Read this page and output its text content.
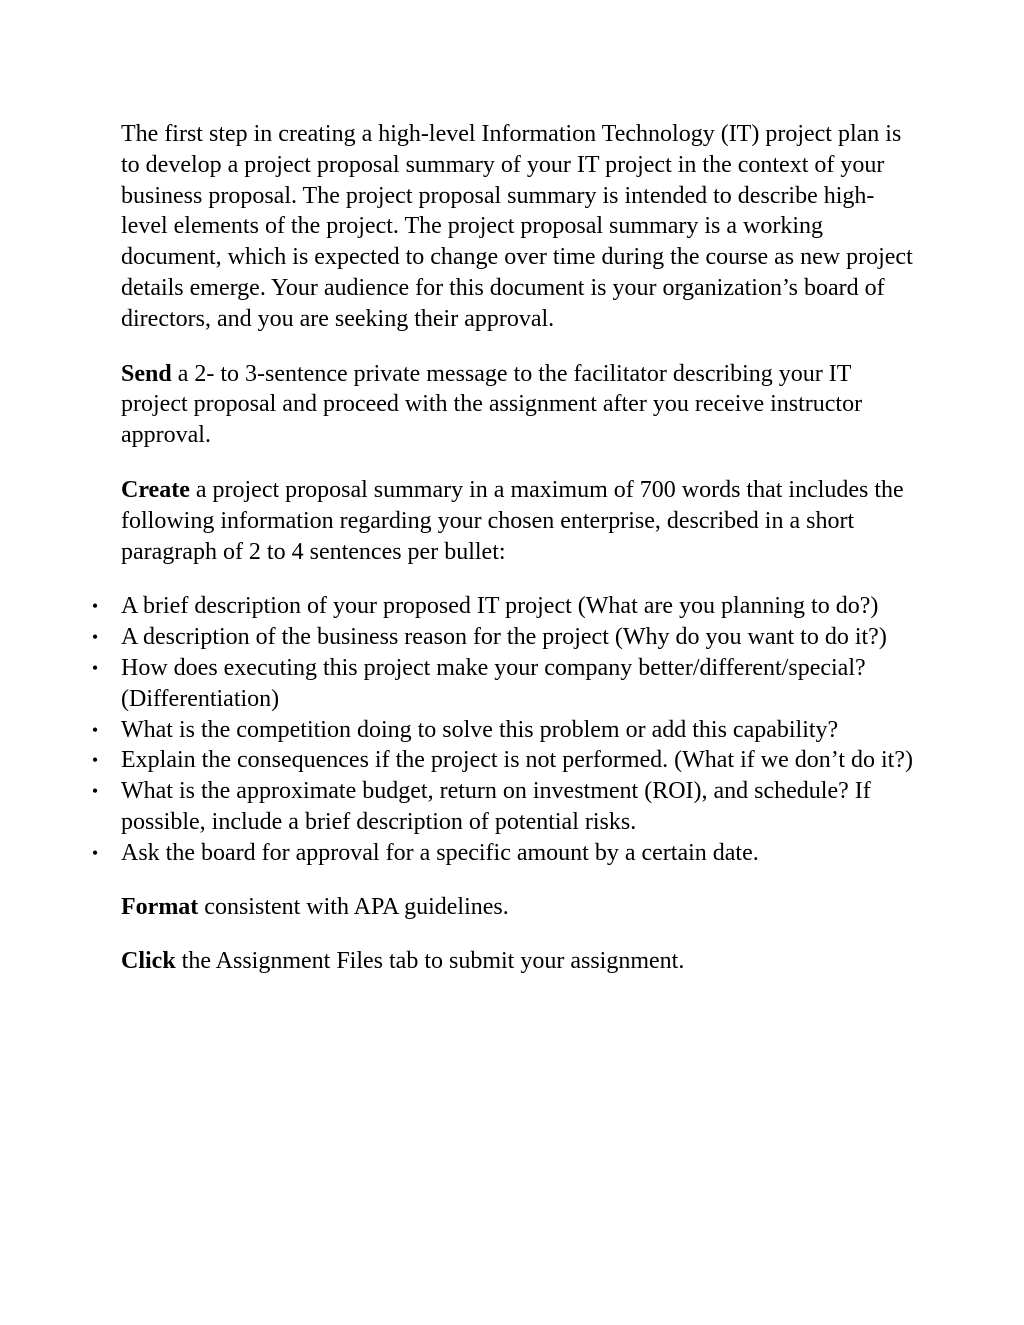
The first step in creating a high-level Information Technology (IT) project plan is to develop a project proposal summary of your IT project in the context of your business proposal. The project proposal summary is intended to describe high-level elements of the project. The project proposal summary is a working document, which is expected to change over time during the course as new project details emerge. Your audience for this document is your organization’s board of directors, and you are seeking their approval.

Send a 2- to 3-sentence private message to the facilitator describing your IT project proposal and proceed with the assignment after you receive instructor approval.

Create a project proposal summary in a maximum of 700 words that includes the following information regarding your chosen enterprise, described in a short paragraph of 2 to 4 sentences per bullet:

• A brief description of your proposed IT project (What are you planning to do?)
• A description of the business reason for the project (Why do you want to do it?)
• How does executing this project make your company better/different/special? (Differentiation)
• What is the competition doing to solve this problem or add this capability?
• Explain the consequences if the project is not performed. (What if we don’t do it?)
• What is the approximate budget, return on investment (ROI), and schedule? If possible, include a brief description of potential risks.
• Ask the board for approval for a specific amount by a certain date.

Format consistent with APA guidelines.

Click the Assignment Files tab to submit your assignment.
